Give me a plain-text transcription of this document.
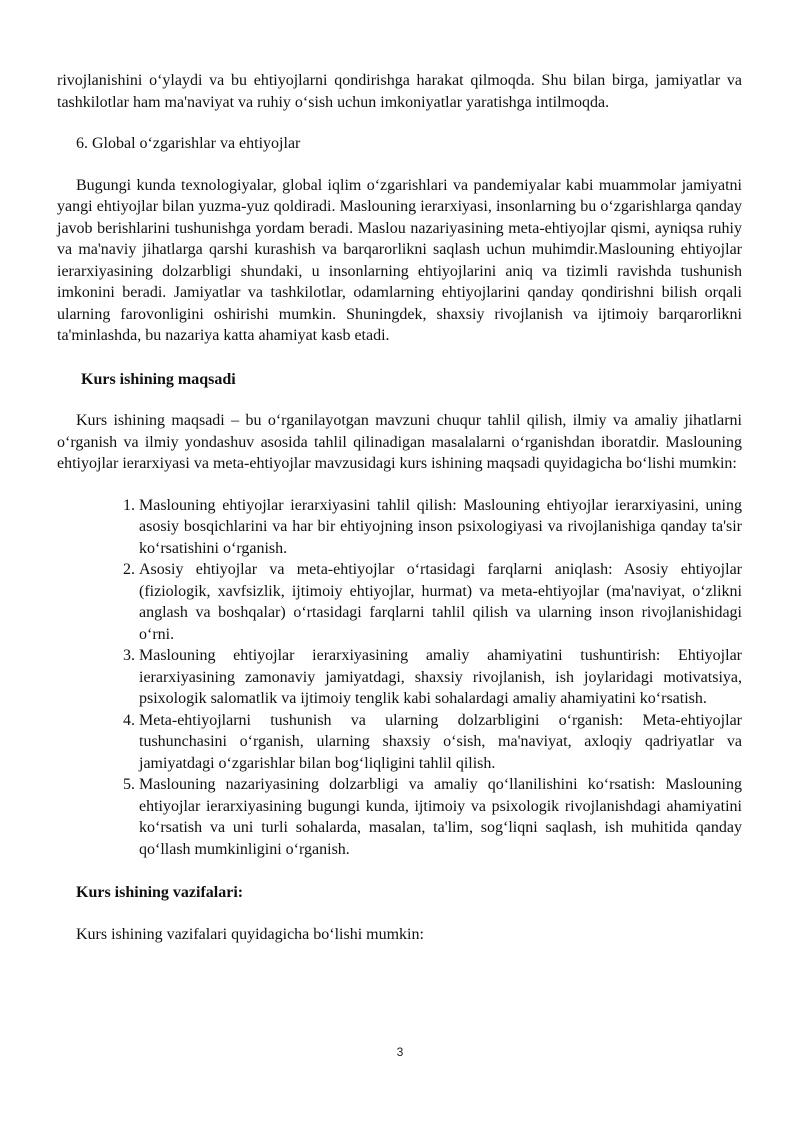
rivojlanishini oʻylaydi va bu ehtiyojlarni qondirishga harakat qilmoqda. Shu bilan birga, jamiyatlar va tashkilotlar ham ma'naviyat va ruhiy oʻsish uchun imkoniyatlar yaratishga intilmoqda.

6. Global oʻzgarishlar va ehtiyojlar

Bugungi kunda texnologiyalar, global iqlim oʻzgarishlari va pandemiyalar kabi muammolar jamiyatni yangi ehtiyojlar bilan yuzma-yuz qoldiradi. Maslouning ierarxiyasi, insonlarning bu oʻzgarishlarga qanday javob berishlarini tushunishga yordam beradi. Maslou nazariyasining meta-ehtiyojlar qismi, ayniqsa ruhiy va ma'naviy jihatlarga qarshi kurashish va barqarorlikni saqlash uchun muhimdir.Maslouning ehtiyojlar ierarxiyasining dolzarbligi shundaki, u insonlarning ehtiyojlarini aniq va tizimli ravishda tushunish imkonini beradi. Jamiyatlar va tashkilotlar, odamlarning ehtiyojlarini qanday qondirishni bilish orqali ularning farovonligini oshirishi mumkin. Shuningdek, shaxsiy rivojlanish va ijtimoiy barqarorlikni ta'minlashda, bu nazariya katta ahamiyat kasb etadi.

Kurs ishining maqsadi

Kurs ishining maqsadi – bu oʻrganilayotgan mavzuni chuqur tahlil qilish, ilmiy va amaliy jihatlarni oʻrganish va ilmiy yondashuv asosida tahlil qilinadigan masalalarni oʻrganishdan iboratdir. Maslouning ehtiyojlar ierarxiyasi va meta-ehtiyojlar mavzusidagi kurs ishining maqsadi quyidagicha boʻlishi mumkin:

1. Maslouning ehtiyojlar ierarxiyasini tahlil qilish: Maslouning ehtiyojlar ierarxiyasini, uning asosiy bosqichlarini va har bir ehtiyojning inson psixologiyasi va rivojlanishiga qanday ta'sir koʻrsatishini oʻrganish.
2. Asosiy ehtiyojlar va meta-ehtiyojlar oʻrtasidagi farqlarni aniqlash: Asosiy ehtiyojlar (fiziologik, xavfsizlik, ijtimoiy ehtiyojlar, hurmat) va meta-ehtiyojlar (ma'naviyat, oʻzlikni anglash va boshqalar) oʻrtasidagi farqlarni tahlil qilish va ularning inson rivojlanishidagi oʻrni.
3. Maslouning ehtiyojlar ierarxiyasining amaliy ahamiyatini tushuntirish: Ehtiyojlar ierarxiyasining zamonaviy jamiyatdagi, shaxsiy rivojlanish, ish joylaridagi motivatsiya, psixologik salomatlik va ijtimoiy tenglik kabi sohalardagi amaliy ahamiyatini koʻrsatish.
4. Meta-ehtiyojlarni tushunish va ularning dolzarbligini oʻrganish: Meta-ehtiyojlar tushunchasini oʻrganish, ularning shaxsiy oʻsish, ma'naviyat, axloqiy qadriyatlar va jamiyatdagi oʻzgarishlar bilan bogʻliqligini tahlil qilish.
5. Maslouning nazariyasining dolzarbligi va amaliy qoʻllanilishini koʻrsatish: Maslouning ehtiyojlar ierarxiyasining bugungi kunda, ijtimoiy va psixologik rivojlanishdagi ahamiyatini koʻrsatish va uni turli sohalarda, masalan, ta'lim, sogʻliqni saqlash, ish muhitida qanday qoʻllash mumkinligini oʻrganish.

Kurs ishining vazifalari:

Kurs ishining vazifalari quyidagicha boʻlishi mumkin:

3
